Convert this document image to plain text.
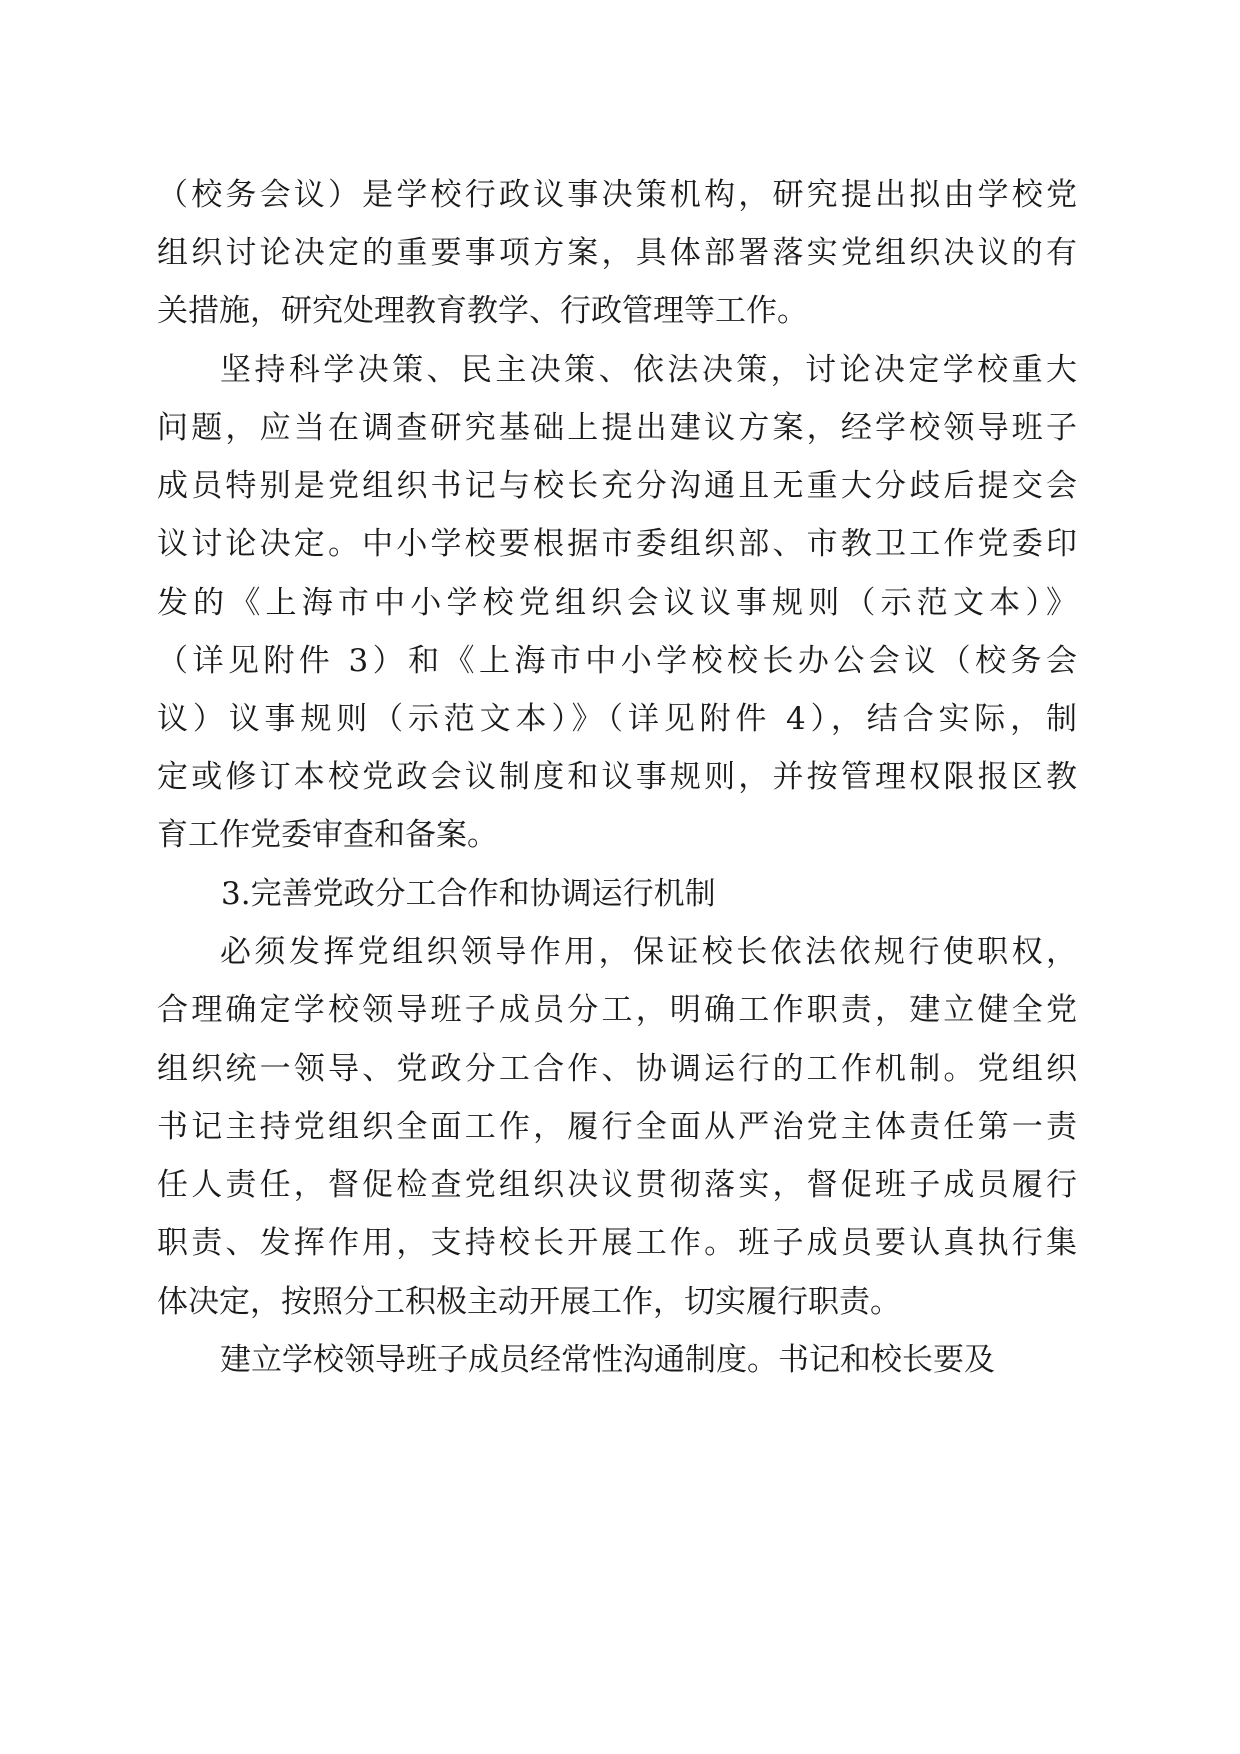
（校务会议）是学校行政议事决策机构，研究提出拟由学校党

组织讨论决定的重要事项方案，具体部署落实党组织决议的有

关措施，研究处理教育教学、行政管理等工作。

坚持科学决策、民主决策、依法决策，讨论决定学校重大

问题，应当在调查研究基础上提出建议方案，经学校领导班子

成员特别是党组织书记与校长充分沟通且无重大分歧后提交会

议讨论决定。中小学校要根据市委组织部、市教卫工作党委印

发的《上海市中小学校党组织会议议事规则（示范文本）》

（详见附件 3）和《上海市中小学校校长办公会议（校务会

议）议事规则（示范文本）》（详见附件 4），结合实际，制

定或修订本校党政会议制度和议事规则，并按管理权限报区教

育工作党委审查和备案。

3.完善党政分工合作和协调运行机制

必须发挥党组织领导作用，保证校长依法依规行使职权，

合理确定学校领导班子成员分工，明确工作职责，建立健全党

组织统一领导、党政分工合作、协调运行的工作机制。党组织

书记主持党组织全面工作，履行全面从严治党主体责任第一责

任人责任，督促检查党组织决议贯彻落实，督促班子成员履行

职责、发挥作用，支持校长开展工作。班子成员要认真执行集

体决定，按照分工积极主动开展工作，切实履行职责。

建立学校领导班子成员经常性沟通制度。书记和校长要及
